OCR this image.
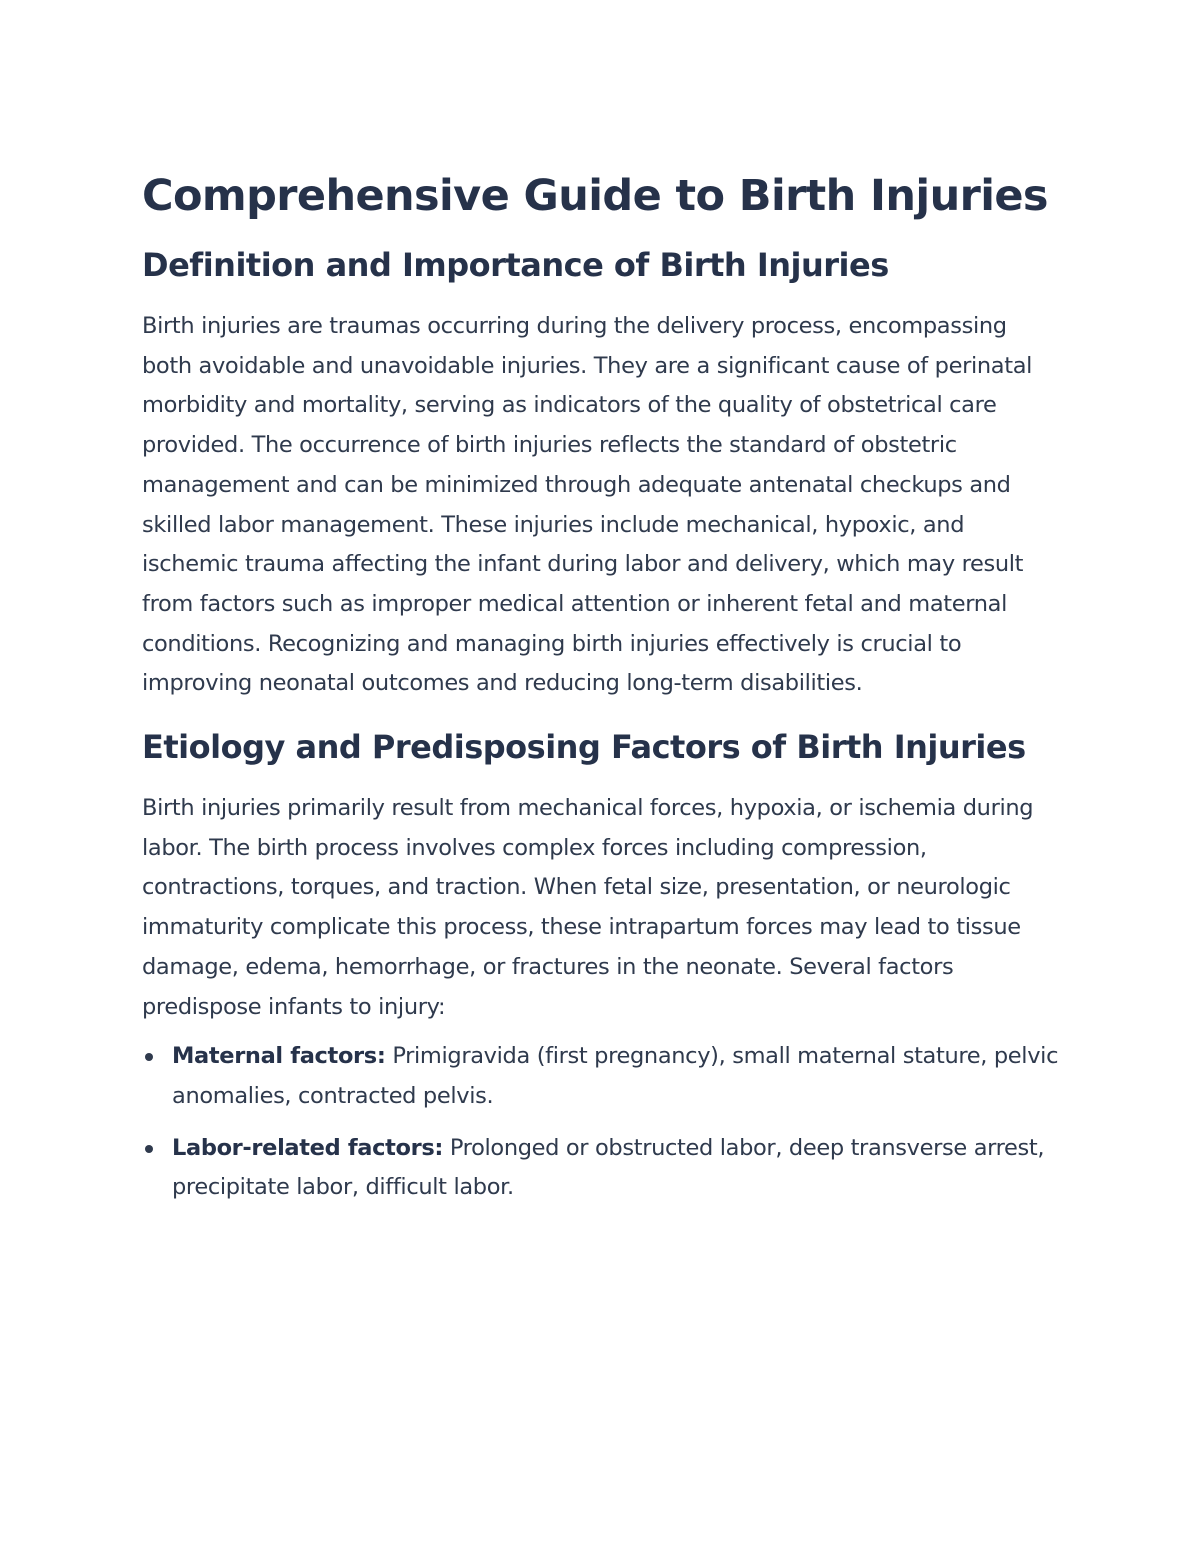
Comprehensive Guide to Birth Injuries
Definition and Importance of Birth Injuries

Birth injuries are traumas occurring during the delivery process, encompassing both avoidable and unavoidable injuries. They are a significant cause of perinatal morbidity and mortality, serving as indicators of the quality of obstetrical care provided. The occurrence of birth injuries reflects the standard of obstetric management and can be minimized through adequate antenatal checkups and skilled labor management. These injuries include mechanical, hypoxic, and ischemic trauma affecting the infant during labor and delivery, which may result from factors such as improper medical attention or inherent fetal and maternal conditions. Recognizing and managing birth injuries effectively is crucial to improving neonatal outcomes and reducing long-term disabilities.

Etiology and Predisposing Factors of Birth Injuries

Birth injuries primarily result from mechanical forces, hypoxia, or ischemia during labor. The birth process involves complex forces including compression, contractions, torques, and traction. When fetal size, presentation, or neurologic immaturity complicate this process, these intrapartum forces may lead to tissue damage, edema, hemorrhage, or fractures in the neonate. Several factors predispose infants to injury:

Maternal factors: Primigravida (first pregnancy), small maternal stature, pelvic anomalies, contracted pelvis.
Labor-related factors: Prolonged or obstructed labor, deep transverse arrest, precipitate labor, difficult labor.
